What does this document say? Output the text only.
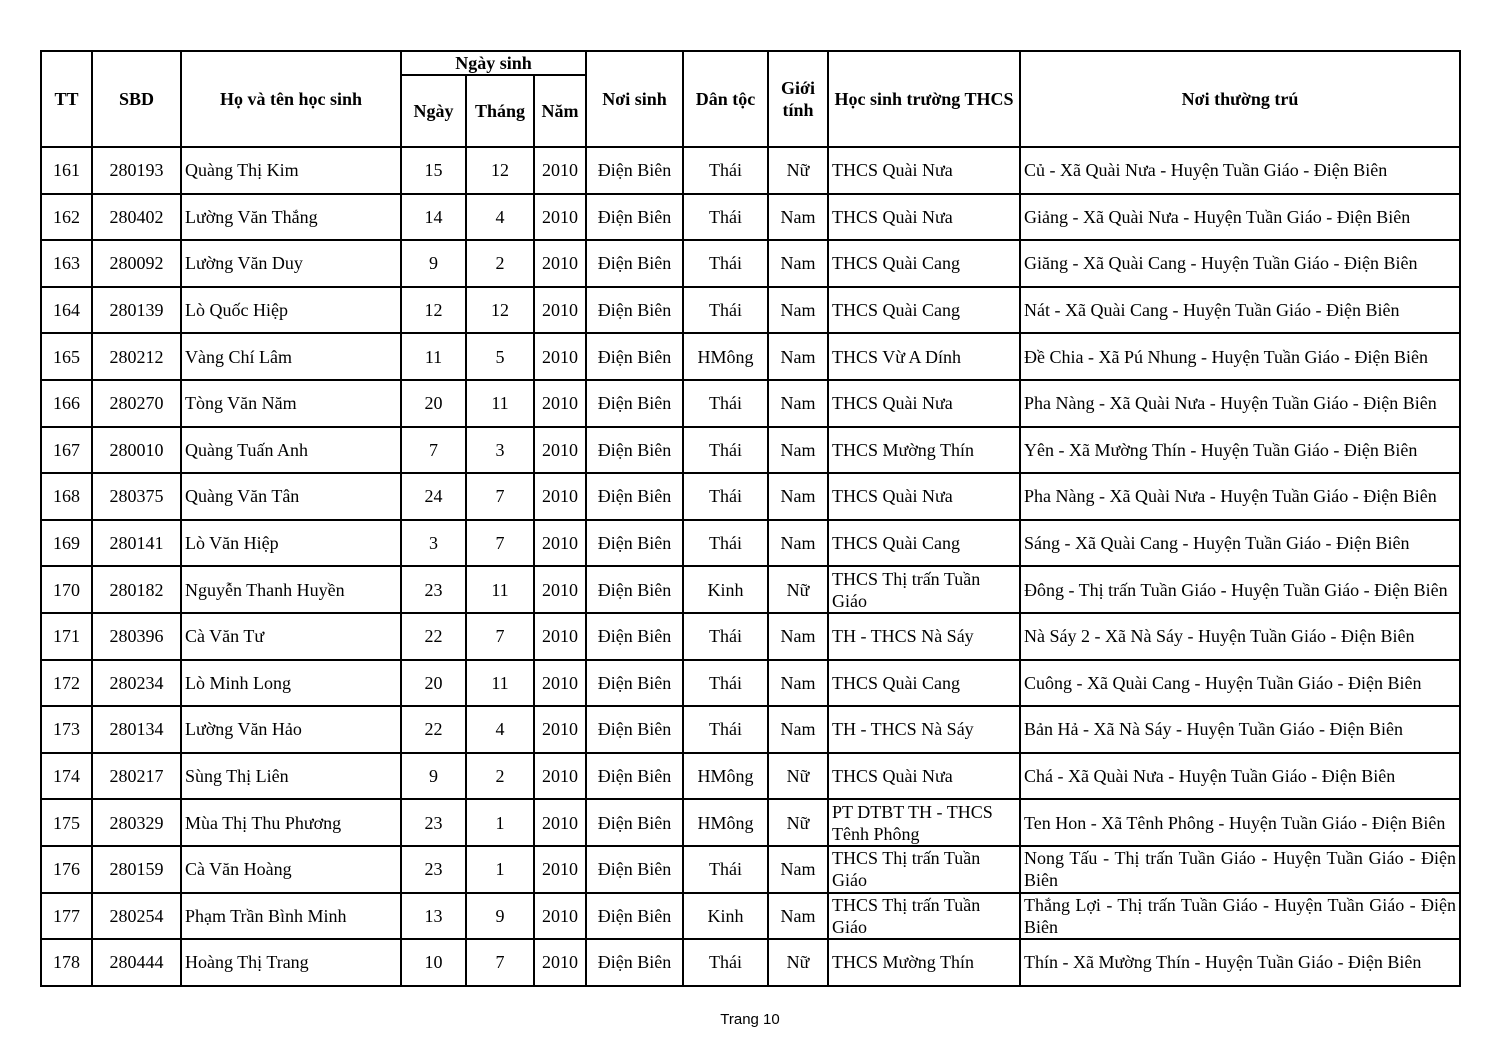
TT	SBD	Họ và tên học sinh	Ngày sinh			Nơi sinh	Dân tộc	Giới tính	Học sinh trường THCS	Nơi thường trú
			Ngày	Tháng	Năm					
161	280193	Quàng Thị Kim	15	12	2010	Điện Biên	Thái	Nữ	THCS Quài Nưa	Củ - Xã Quài Nưa - Huyện Tuần Giáo - Điện Biên
162	280402	Lường Văn Thắng	14	4	2010	Điện Biên	Thái	Nam	THCS Quài Nưa	Giảng - Xã Quài Nưa - Huyện Tuần Giáo - Điện Biên
163	280092	Lường Văn Duy	9	2	2010	Điện Biên	Thái	Nam	THCS Quài Cang	Giăng - Xã Quài Cang - Huyện Tuần Giáo - Điện Biên
164	280139	Lò Quốc Hiệp	12	12	2010	Điện Biên	Thái	Nam	THCS Quài Cang	Nát - Xã Quài Cang - Huyện Tuần Giáo - Điện Biên
165	280212	Vàng Chí Lâm	11	5	2010	Điện Biên	HMông	Nam	THCS Vừ A Dính	Đề Chia - Xã Pú Nhung - Huyện Tuần Giáo - Điện Biên
166	280270	Tòng Văn Năm	20	11	2010	Điện Biên	Thái	Nam	THCS Quài Nưa	Pha Nàng - Xã Quài Nưa - Huyện Tuần Giáo - Điện Biên
167	280010	Quàng Tuấn Anh	7	3	2010	Điện Biên	Thái	Nam	THCS Mường Thín	Yên - Xã Mường Thín - Huyện Tuần Giáo - Điện Biên
168	280375	Quàng Văn Tân	24	7	2010	Điện Biên	Thái	Nam	THCS Quài Nưa	Pha Nàng - Xã Quài Nưa - Huyện Tuần Giáo - Điện Biên
169	280141	Lò Văn Hiệp	3	7	2010	Điện Biên	Thái	Nam	THCS Quài Cang	Sáng - Xã Quài Cang - Huyện Tuần Giáo - Điện Biên
170	280182	Nguyễn Thanh Huyền	23	11	2010	Điện Biên	Kinh	Nữ	THCS Thị trấn Tuần Giáo	Đông - Thị trấn Tuần Giáo - Huyện Tuần Giáo - Điện Biên
171	280396	Cà Văn Tư	22	7	2010	Điện Biên	Thái	Nam	TH - THCS Nà Sáy	Nà Sáy 2 - Xã Nà Sáy - Huyện Tuần Giáo - Điện Biên
172	280234	Lò Minh Long	20	11	2010	Điện Biên	Thái	Nam	THCS Quài Cang	Cuông - Xã Quài Cang - Huyện Tuần Giáo - Điện Biên
173	280134	Lường Văn Hảo	22	4	2010	Điện Biên	Thái	Nam	TH - THCS Nà Sáy	Bản Hả - Xã Nà Sáy - Huyện Tuần Giáo - Điện Biên
174	280217	Sùng Thị Liên	9	2	2010	Điện Biên	HMông	Nữ	THCS Quài Nưa	Chá - Xã Quài Nưa - Huyện Tuần Giáo - Điện Biên
175	280329	Mùa Thị Thu Phương	23	1	2010	Điện Biên	HMông	Nữ	PT DTBT TH - THCS Tênh Phông	Ten Hon - Xã Tênh Phông - Huyện Tuần Giáo - Điện Biên
176	280159	Cà Văn Hoàng	23	1	2010	Điện Biên	Thái	Nam	THCS Thị trấn Tuần Giáo	Nong Tấu - Thị trấn Tuần Giáo - Huyện Tuần Giáo - Điện Biên
177	280254	Phạm Trần Bình Minh	13	9	2010	Điện Biên	Kinh	Nam	THCS Thị trấn Tuần Giáo	Thắng Lợi - Thị trấn Tuần Giáo - Huyện Tuần Giáo - Điện Biên
178	280444	Hoàng Thị Trang	10	7	2010	Điện Biên	Thái	Nữ	THCS Mường Thín	Thín - Xã Mường Thín - Huyện Tuần Giáo - Điện Biên
Trang 10
